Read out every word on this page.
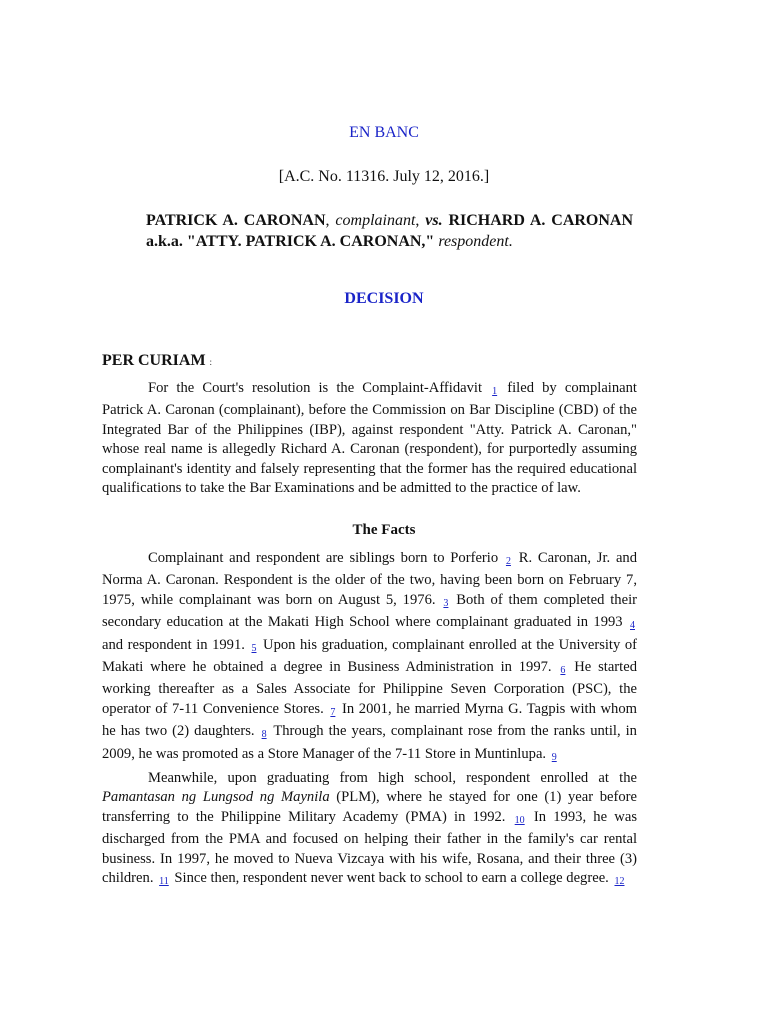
EN BANC
[A.C. No. 11316. July 12, 2016.]
PATRICK A. CARONAN, complainant, vs. RICHARD A. CARONAN a.k.a. "ATTY. PATRICK A. CARONAN," respondent.
DECISION
PER CURIAM :

For the Court's resolution is the Complaint-Affidavit 1 filed by complainant Patrick A. Caronan (complainant), before the Commission on Bar Discipline (CBD) of the Integrated Bar of the Philippines (IBP), against respondent "Atty. Patrick A. Caronan," whose real name is allegedly Richard A. Caronan (respondent), for purportedly assuming complainant's identity and falsely representing that the former has the required educational qualifications to take the Bar Examinations and be admitted to the practice of law.

The Facts

Complainant and respondent are siblings born to Porferio 2 R. Caronan, Jr. and Norma A. Caronan. Respondent is the older of the two, having been born on February 7, 1975, while complainant was born on August 5, 1976. 3 Both of them completed their secondary education at the Makati High School where complainant graduated in 1993 4 and respondent in 1991. 5 Upon his graduation, complainant enrolled at the University of Makati where he obtained a degree in Business Administration in 1997. 6 He started working thereafter as a Sales Associate for Philippine Seven Corporation (PSC), the operator of 7-11 Convenience Stores. 7 In 2001, he married Myrna G. Tagpis with whom he has two (2) daughters. 8 Through the years, complainant rose from the ranks until, in 2009, he was promoted as a Store Manager of the 7-11 Store in Muntinlupa. 9

Meanwhile, upon graduating from high school, respondent enrolled at the Pamantasan ng Lungsod ng Maynila (PLM), where he stayed for one (1) year before transferring to the Philippine Military Academy (PMA) in 1992. 10 In 1993, he was discharged from the PMA and focused on helping their father in the family's car rental business. In 1997, he moved to Nueva Vizcaya with his wife, Rosana, and their three (3) children. 11 Since then, respondent never went back to school to earn a college degree. 12
